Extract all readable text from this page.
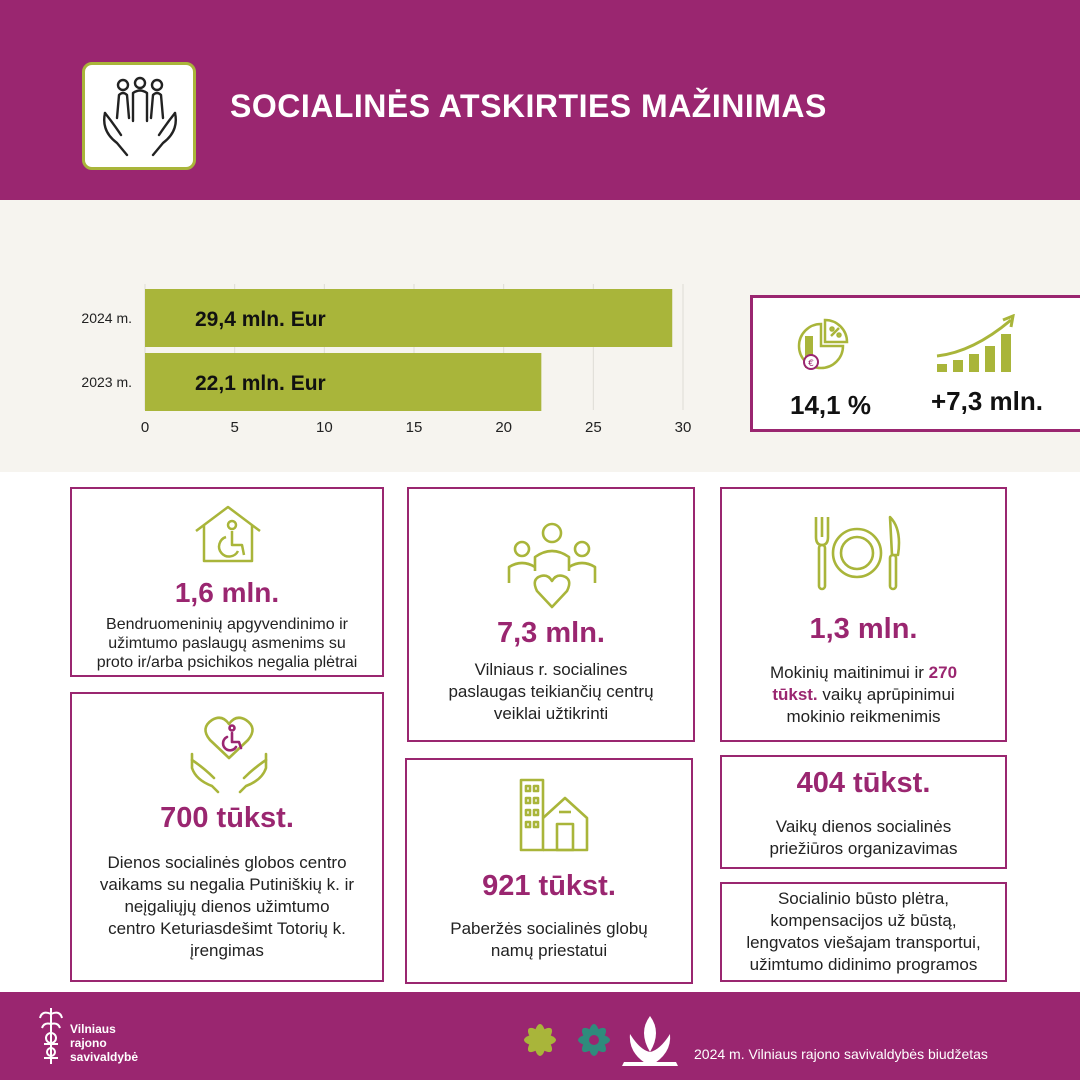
SOCIALINĖS ATSKIRTIES MAŽINIMAS
0	5	10	15	20	25	30
29,4 mln. Eur
2024 m.
22,1 mln. Eur
2023 m.
€
14,1 % +7,3 mln.
1,6 mln.
Bendruomeninių apgyvendinimo ir
užimtumo paslaugų asmenims su
proto ir/arba psichikos negalia plėtrai
7,3 mln.
Vilniaus r. socialines
paslaugas teikiančių centrų
veiklai užtikrinti
1,3 mln.
Mokinių maitinimui ir 270
tūkst. vaikų aprūpinimui
mokinio reikmenimis
700 tūkst.
Dienos socialinės globos centro
vaikams su negalia Putiniškių k. ir
neįgaliųjų dienos užimtumo
centro Keturiasdešimt Totorių k.
įrengimas
921 tūkst.
Paberžės socialinės globų
namų priestatui
404 tūkst.
Vaikų dienos socialinės
priežiūros organizavimas
Socialinio būsto plėtra,
kompensacijos už būstą,
lengvatos viešajam transportui,
užimtumo didinimo programos
Vilniaus
rajono
savivaldybė	2024 m. Vilniaus rajono savivaldybės biudžetas
